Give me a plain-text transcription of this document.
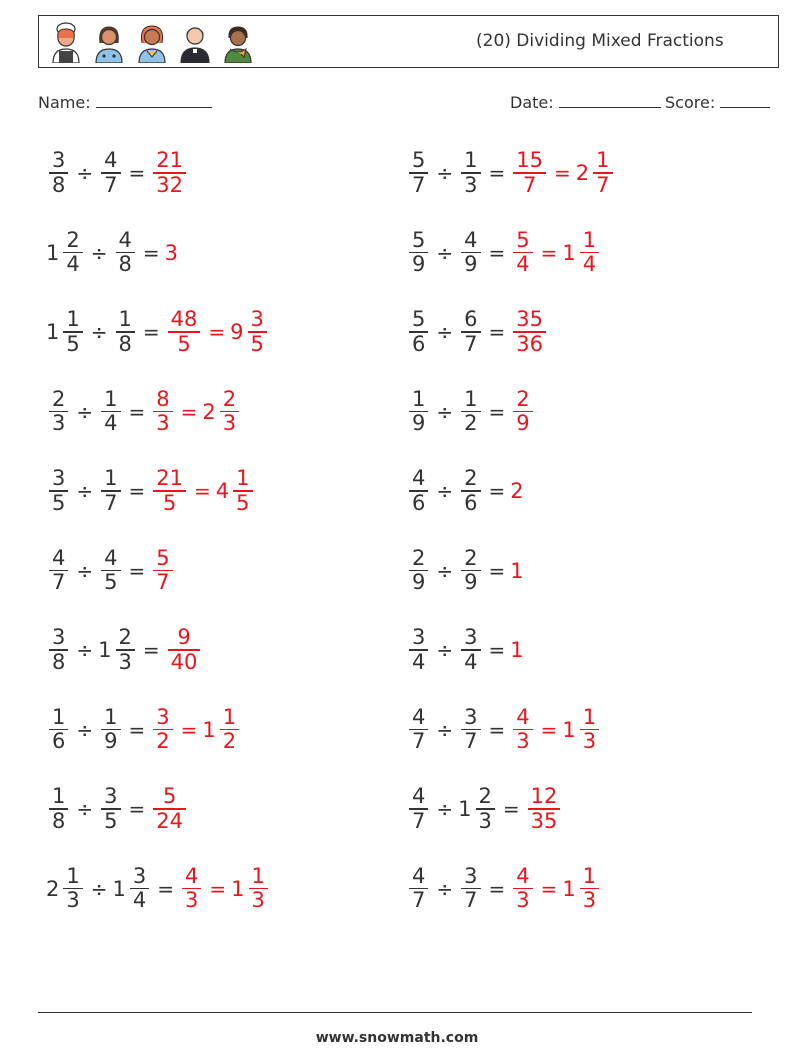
(20) Dividing Mixed Fractions
Name:	Date:	Score:
$\frac{3}{8} \div \frac{4}{7} = \frac{21}{32}$	$\frac{5}{7} \div \frac{1}{3} = \frac{15}{7} = 2 \frac{1}{7}$
$1 \frac{2}{4} \div \frac{4}{8} = 3$	$\frac{5}{9} \div \frac{4}{9} = \frac{5}{4} = 1 \frac{1}{4}$
$1 \frac{1}{5} \div \frac{1}{8} = \frac{48}{5} = 9 \frac{3}{5}$	$\frac{5}{6} \div \frac{6}{7} = \frac{35}{36}$
$\frac{2}{3} \div \frac{1}{4} = \frac{8}{3} = 2 \frac{2}{3}$	$\frac{1}{9} \div \frac{1}{2} = \frac{2}{9}$
$\frac{3}{5} \div \frac{1}{7} = \frac{21}{5} = 4 \frac{1}{5}$	$\frac{4}{6} \div \frac{2}{6} = 2$
$\frac{4}{7} \div \frac{4}{5} = \frac{5}{7}$	$\frac{2}{9} \div \frac{2}{9} = 1$
$\frac{3}{8} \div 1 \frac{2}{3} = \frac{9}{40}$	$\frac{3}{4} \div \frac{3}{4} = 1$
$\frac{1}{6} \div \frac{1}{9} = \frac{3}{2} = 1 \frac{1}{2}$	$\frac{4}{7} \div \frac{3}{7} = \frac{4}{3} = 1 \frac{1}{3}$
$\frac{1}{8} \div \frac{3}{5} = \frac{5}{24}$	$\frac{4}{7} \div 1 \frac{2}{3} = \frac{12}{35}$
$2 \frac{1}{3} \div 1 \frac{3}{4} = \frac{4}{3} = 1 \frac{1}{3}$	$\frac{4}{7} \div \frac{3}{7} = \frac{4}{3} = 1 \frac{1}{3}$
www.snowmath.com
